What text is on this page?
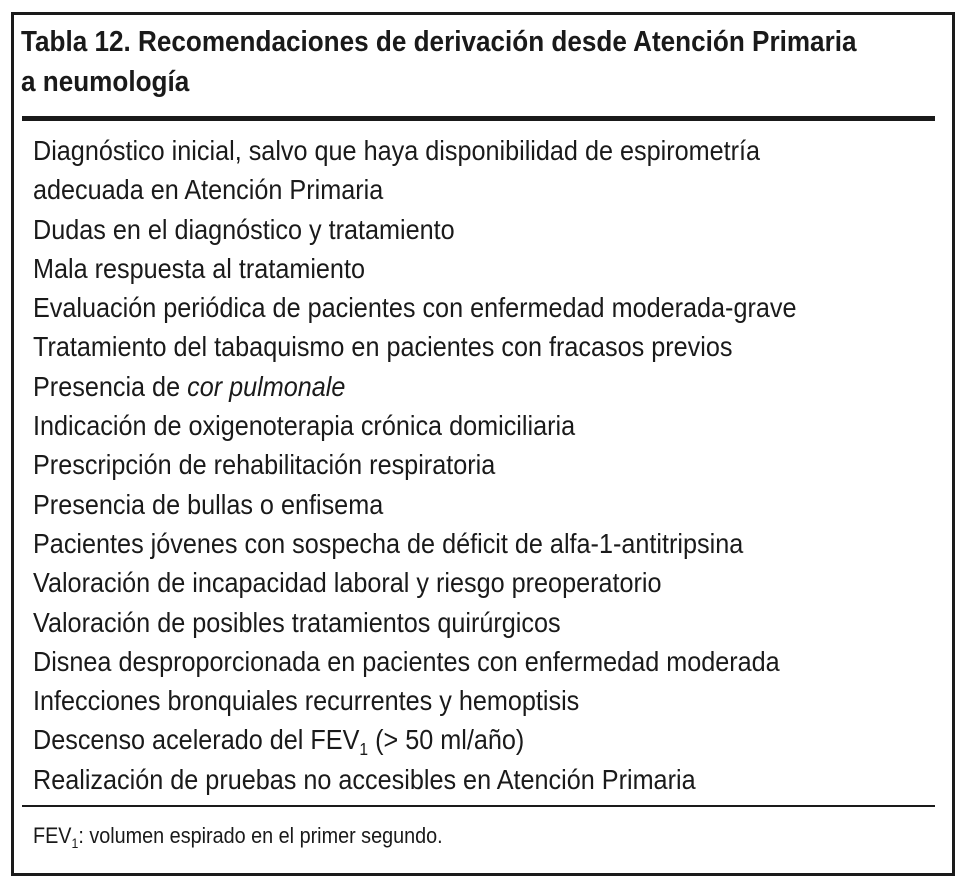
Tabla 12. Recomendaciones de derivación desde Atención Primaria
a neumología
Diagnóstico inicial, salvo que haya disponibilidad de espirometría
adecuada en Atención Primaria
Dudas en el diagnóstico y tratamiento
Mala respuesta al tratamiento
Evaluación periódica de pacientes con enfermedad moderada-grave
Tratamiento del tabaquismo en pacientes con fracasos previos
Presencia de cor pulmonale
Indicación de oxigenoterapia crónica domiciliaria
Prescripción de rehabilitación respiratoria
Presencia de bullas o enfisema
Pacientes jóvenes con sospecha de déficit de alfa-1-antitripsina
Valoración de incapacidad laboral y riesgo preoperatorio
Valoración de posibles tratamientos quirúrgicos
Disnea desproporcionada en pacientes con enfermedad moderada
Infecciones bronquiales recurrentes y hemoptisis
Descenso acelerado del $FEV_1$ (> 50 ml/año)
Realización de pruebas no accesibles en Atención Primaria

$FEV_1$: volumen espirado en el primer segundo.
